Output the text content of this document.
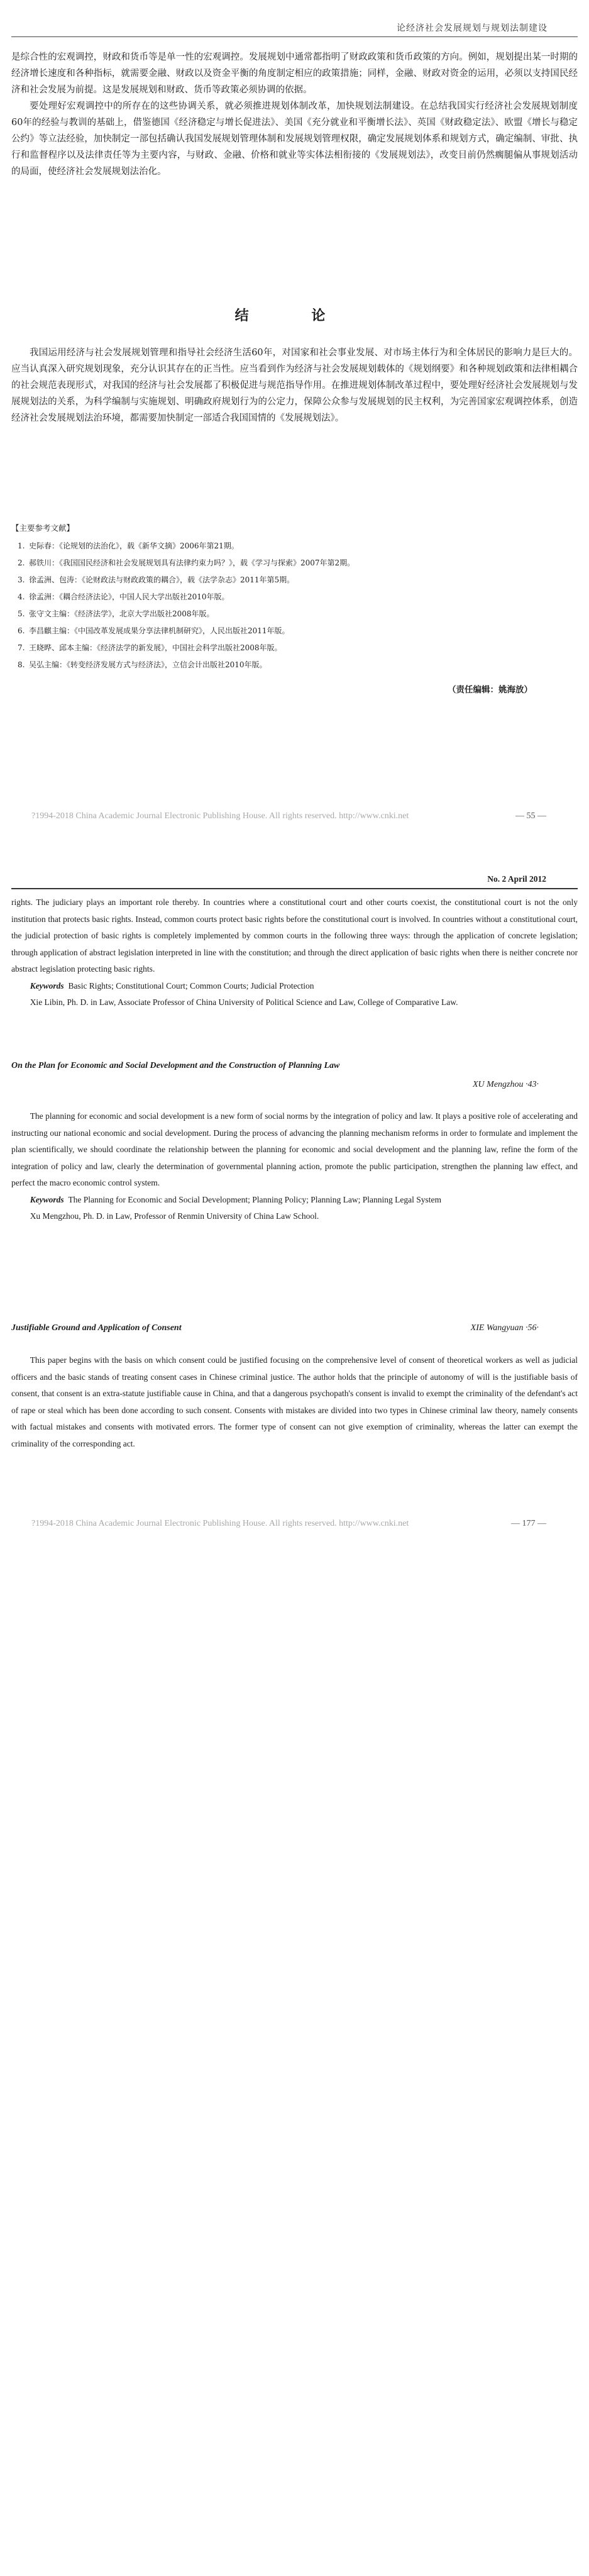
论经济社会发展规划与规划法制建设

是综合性的宏观调控，财政和货币等是单一性的宏观调控。发展规划中通常都指明了财政政策和货币政策的方向。例如，规划提出某一时期的经济增长速度和各种指标，就需要金融、财政以及资金平衡的角度制定相应的政策措施；同样，金融、财政对资金的运用，必须以支持国民经济和社会发展为前提。这是发展规划和财政、货币等政策必须协调的依据。

要处理好宏观调控中的所存在的这些协调关系，就必须推进规划体制改革，加快规划法制建设。在总结我国实行经济社会发展规划制度60年的经验与教训的基础上，借鉴德国《经济稳定与增长促进法》、美国《充分就业和平衡增长法》、英国《财政稳定法》、欧盟《增长与稳定公约》等立法经验，加快制定一部包括确认我国发展规划管理体制和发展规划管理权限，确定发展规划体系和规划方式，确定编制、审批、执行和监督程序以及法律责任等为主要内容，与财政、金融、价格和就业等实体法相衔接的《发展规划法》，改变目前仍然瘸腿偏从事规划活动的局面，使经济社会发展规划法治化。

结 论

我国运用经济与社会发展规划管理和指导社会经济生活60年，对国家和社会事业发展、对市场主体行为和全体居民的影响力是巨大的。应当认真深入研究规划现象，充分认识其存在的正当性。应当看到作为经济与社会发展规划载体的《规划纲要》和各种规划政策和法律相耦合的社会规范表现形式，对我国的经济与社会发展都了积极促进与规范指导作用。在推进规划体制改革过程中，要处理好经济社会发展规划与发展规划法的关系，为科学编制与实施规划、明确政府规划行为的公定力，保障公众参与发展规划的民主权利，为完善国家宏观调控体系，创造经济社会发展规划法治环境，都需要加快制定一部适合我国国情的《发展规划法》。

【主要参考文献】
1. 史际春：《论规划的法治化》，载《新华文摘》2006年第21期。
2. 郝铁川：《我国国民经济和社会发展规划具有法律约束力吗？》，载《学习与探索》2007年第2期。
3. 徐孟洲、包涛：《论财政法与财政政策的耦合》，载《法学杂志》2011年第5期。
4. 徐孟洲：《耦合经济法论》，中国人民大学出版社2010年版。
5. 张守文主编：《经济法学》，北京大学出版社2008年版。
6. 李昌麒主编：《中国改革发展成果分享法律机制研究》，人民出版社2011年版。
7. 王晓晔、邱本主编：《经济法学的新发展》，中国社会科学出版社2008年版。
8. 吴弘主编：《转变经济发展方式与经济法》，立信会计出版社2010年版。
（责任编辑：姚海放）
?1994-2018 China Academic Journal Electronic Publishing House. All rights reserved. http://www.cnki.net	— 55 —
No. 2 April 2012

rights. The judiciary plays an important role thereby. In countries where a constitutional court and other courts coexist, the constitutional court is not the only institution that protects basic rights. Instead, common courts protect basic rights before the constitutional court is involved. In countries without a constitutional court, the judicial protection of basic rights is completely implemented by common courts in the following three ways: through the application of concrete legislation; through application of abstract legislation interpreted in line with the constitution; and through the direct application of basic rights when there is neither concrete nor abstract legislation protecting basic rights.

Keywords Basic Rights; Constitutional Court; Common Courts; Judicial Protection

Xie Libin, Ph. D. in Law, Associate Professor of China University of Political Science and Law, College of Comparative Law.

On the Plan for Economic and Social Development and the Construction of Planning Law
XU Mengzhou ·43·

The planning for economic and social development is a new form of social norms by the integration of policy and law. It plays a positive role of accelerating and instructing our national economic and social development. During the process of advancing the planning mechanism reforms in order to formulate and implement the plan scientifically, we should coordinate the relationship between the planning for economic and social development and the planning law, refine the form of the integration of policy and law, clearly the determination of governmental planning action, promote the public participation, strengthen the planning law effect, and perfect the macro economic control system.

Keywords The Planning for Economic and Social Development; Planning Policy; Planning Law; Planning Legal System

Xu Mengzhou, Ph. D. in Law, Professor of Renmin University of China Law School.

Justifiable Ground and Application of Consent	XIE Wangyuan ·56·

This paper begins with the basis on which consent could be justified focusing on the comprehensive level of consent of theoretical workers as well as judicial officers and the basic stands of treating consent cases in Chinese criminal justice. The author holds that the principle of autonomy of will is the justifiable basis of consent, that consent is an extra-statute justifiable cause in China, and that a dangerous psychopath's consent is invalid to exempt the criminality of the defendant's act of rape or steal which has been done according to such consent. Consents with mistakes are divided into two types in Chinese criminal law theory, namely consents with factual mistakes and consents with motivated errors. The former type of consent can not give exemption of criminality, whereas the latter can exempt the criminality of the corresponding act.

?1994-2018 China Academic Journal Electronic Publishing House. All rights reserved. http://www.cnki.net	— 177 —
